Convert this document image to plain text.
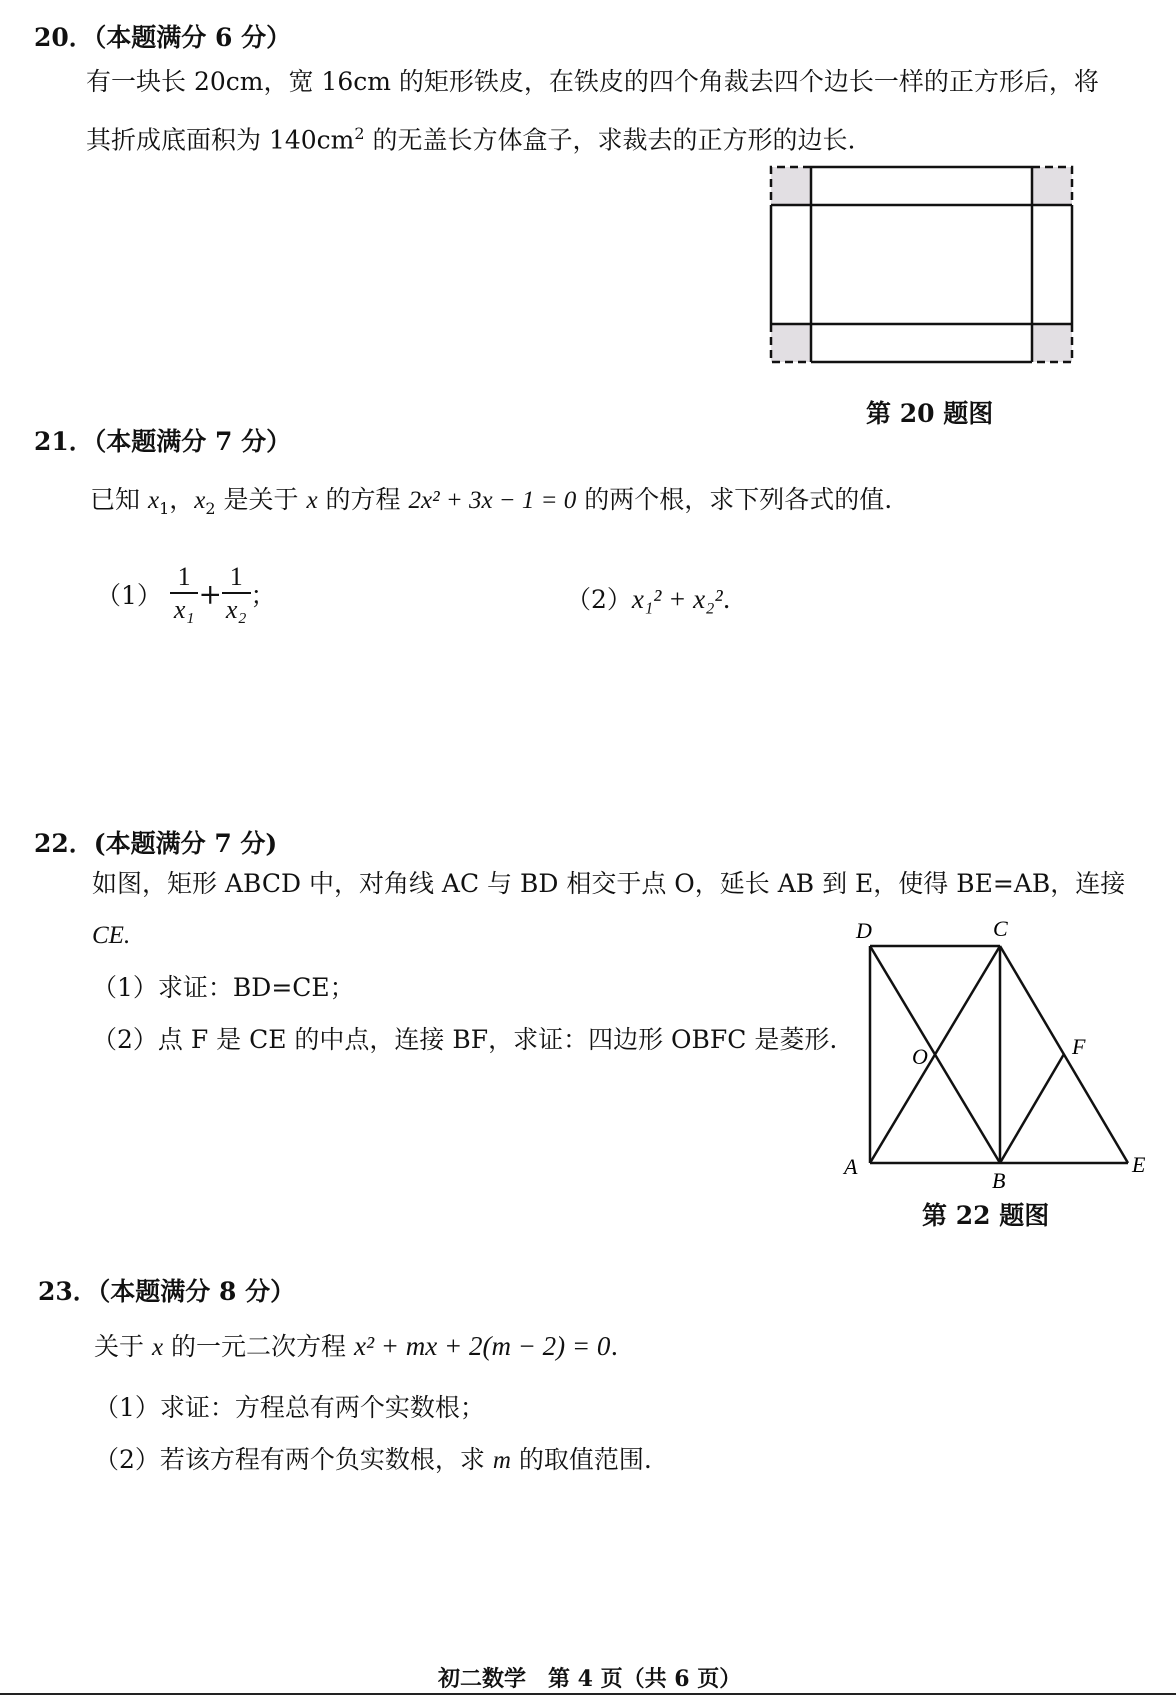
20．（本题满分 6 分）
有一块长 20cm，宽 16cm 的矩形铁皮，在铁皮的四个角裁去四个边长一样的正方形后，将
其折成底面积为 $140cm^2$ 的无盖长方体盒子，求裁去的正方形的边长.
第 20 题图
21．（本题满分 7 分）
已知 $x_1$，$x_2$ 是关于 x 的方程 2x² + 3x − 1 = 0 的两个根，求下列各式的值.
$(1) \frac{1}{\text{x₁}} + \frac{1}{\text{x₂}}$ ；	（2）x₁² + x₂².
22．(本题满分 7 分)
如图，矩形 ABCD 中，对角线 AC 与 BD 相交于点 O，延长 AB 到 E，使得 BE=AB，连接
CE.
（1）求证：BD=CE；
（2）点 F 是 CE 的中点，连接 BF，求证：四边形 OBFC 是菱形.
D	C
O	F
A
B
E
第 22 题图
23．（本题满分 8 分）
关于 x 的一元二次方程 x² + mx + 2(m − 2) = 0.
（1）求证：方程总有两个实数根；
（2）若该方程有两个负实数根，求 m 的取值范围.
初二数学　第 4 页（共 6 页）
